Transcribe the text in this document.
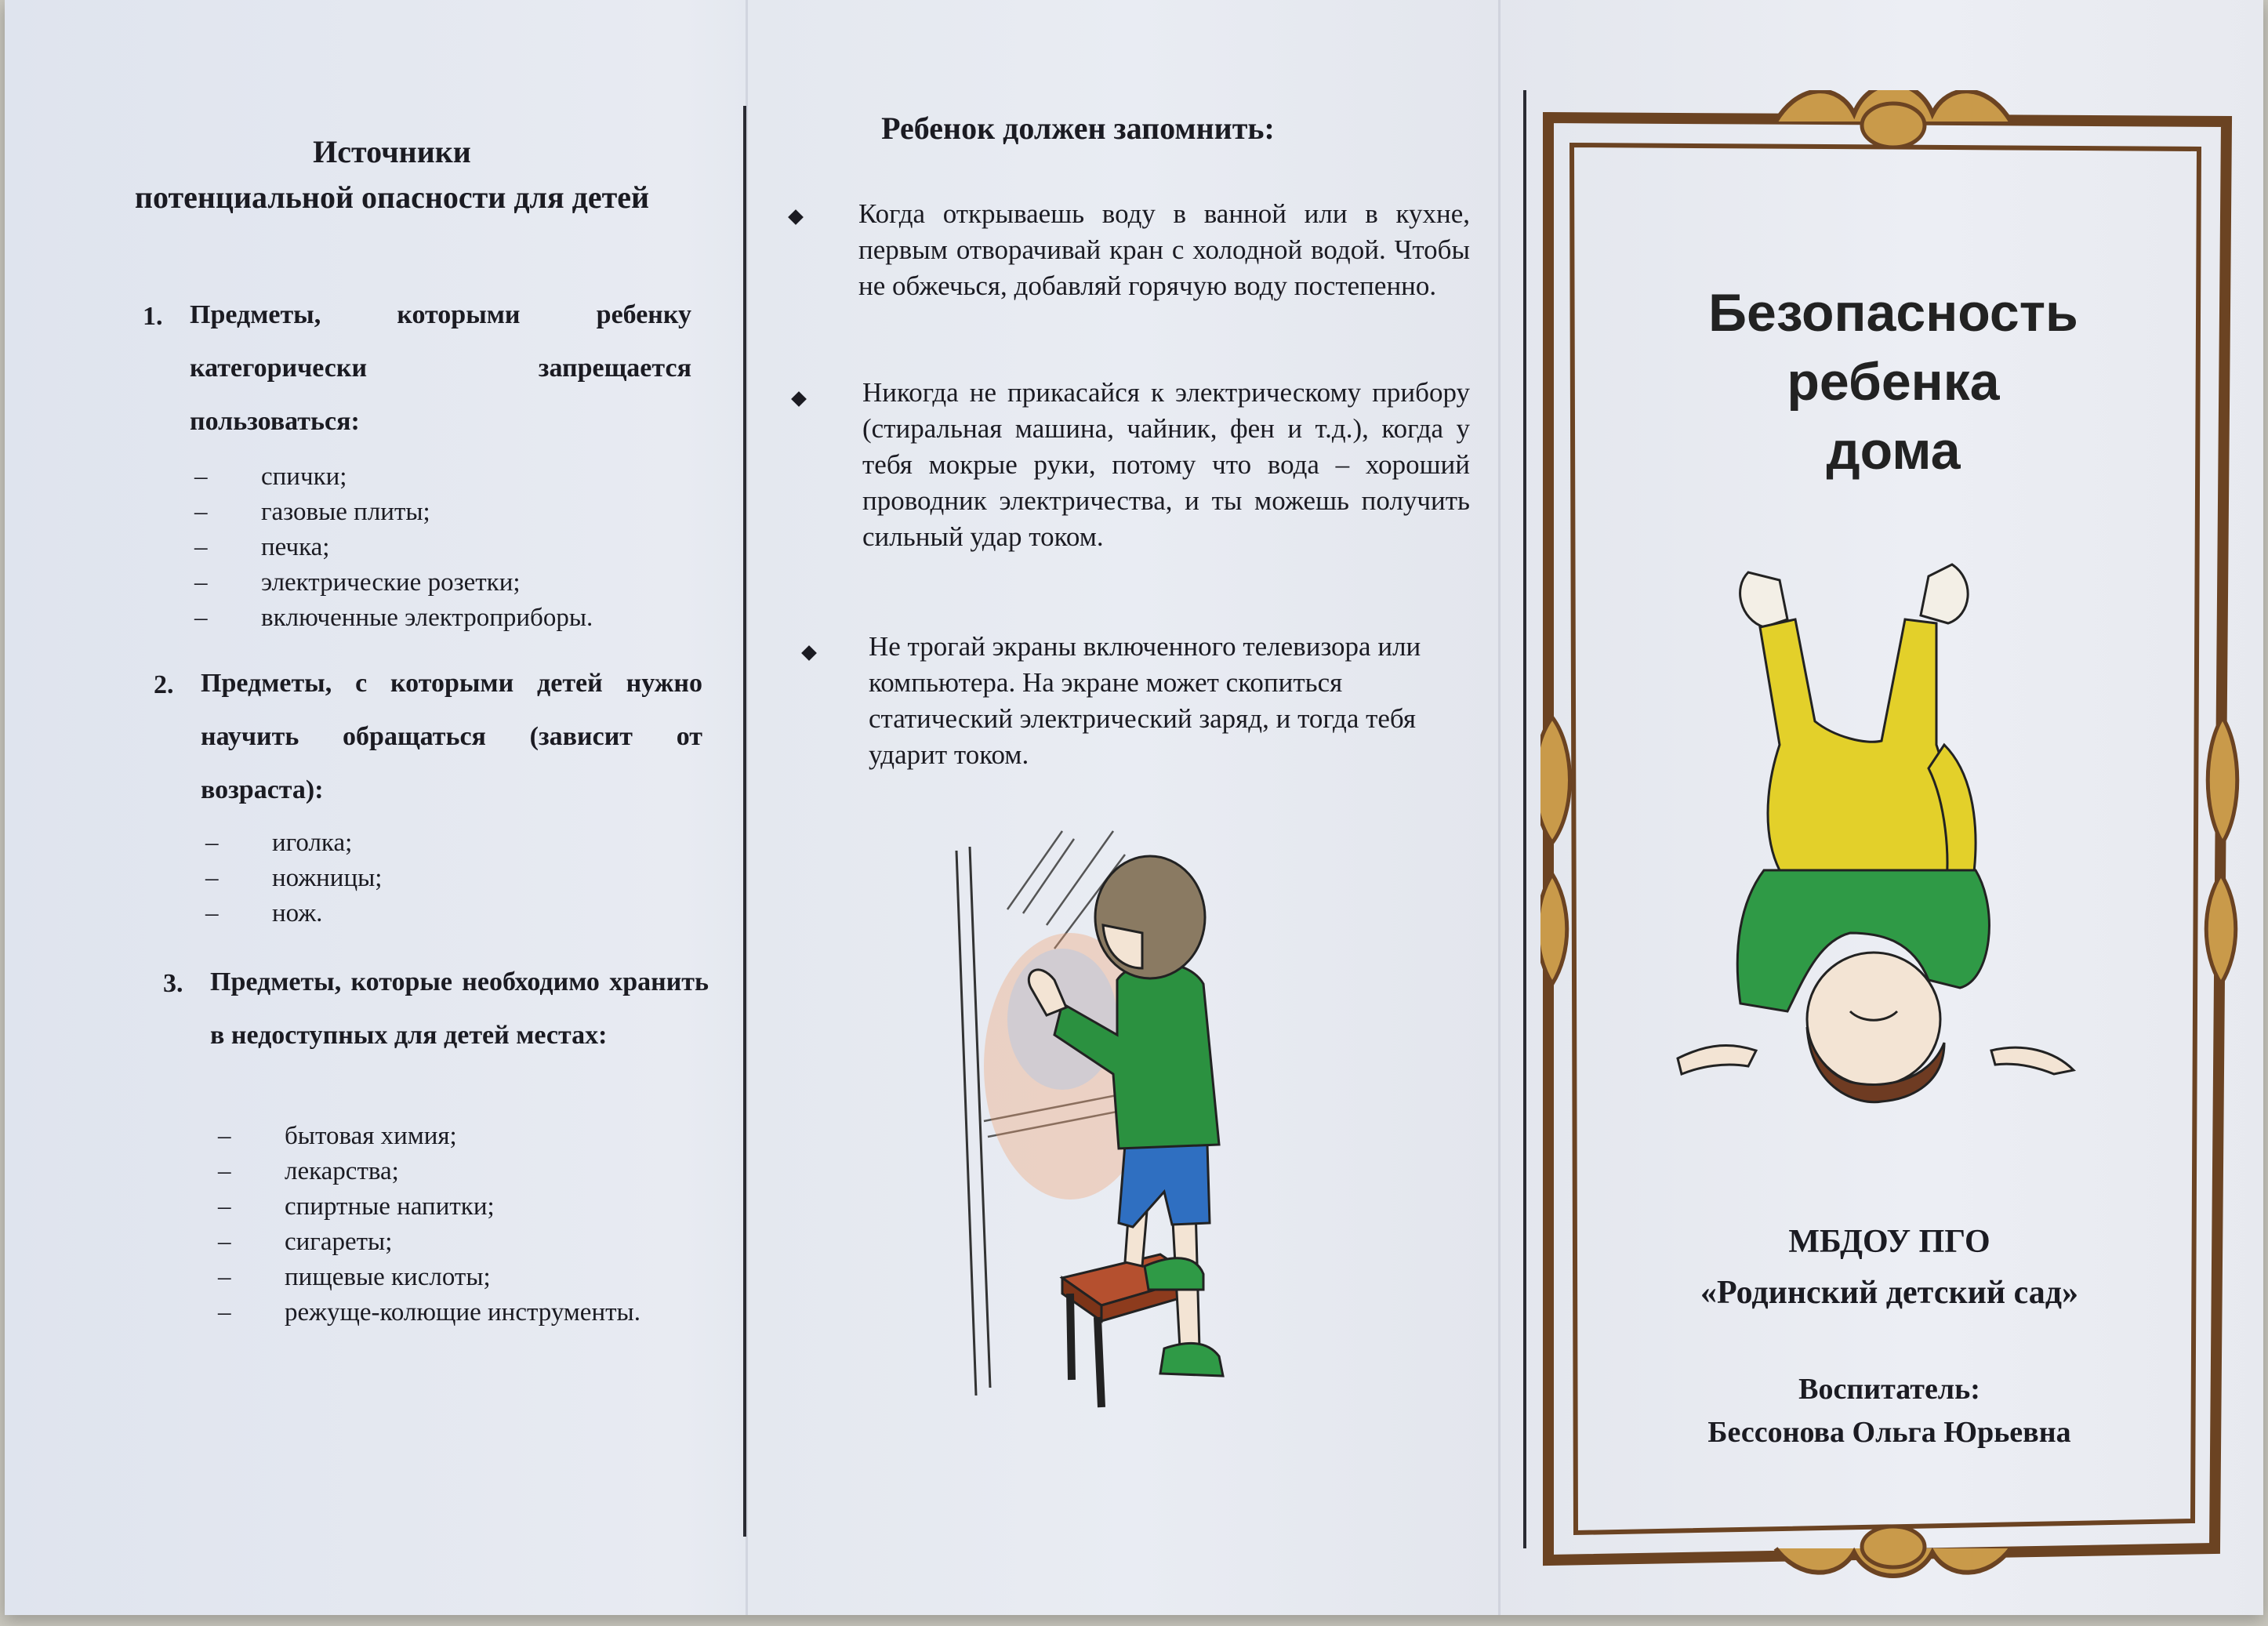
Источники
потенциальной опасности для детей
1. Предметы, которыми ребенку категорически запрещается пользоваться:
– спички;
– газовые плиты;
– печка;
– электрические розетки;
– включенные электроприборы.
2. Предметы, с которыми детей нужно научить обращаться (зависит от возраста):
– иголка;
– ножницы;
– нож.
3. Предметы, которые необходимо хранить в недоступных для детей местах:
– бытовая химия;
– лекарства;
– спиртные напитки;
– сигареты;
– пищевые кислоты;
– режуще-колющие инструменты.
Ребенок должен запомнить:
Когда открываешь воду в ванной или в кухне, первым отворачивай кран с холодной водой. Чтобы не обжечься, добавляй горячую воду постепенно.
Никогда не прикасайся к электрическому прибору (стиральная машина, чайник, фен и т.д.), когда у тебя мокрые руки, потому что вода – хороший проводник электричества, и ты можешь получить сильный удар током.
Не трогай экраны включенного телевизора или компьютера. На экране может скопиться статический электрический заряд, и тогда тебя ударит током.
Безопасность
ребенка
дома
МБДОУ ПГО
«Родинский детский сад»
Воспитатель:
Бессонова Ольга Юрьевна
